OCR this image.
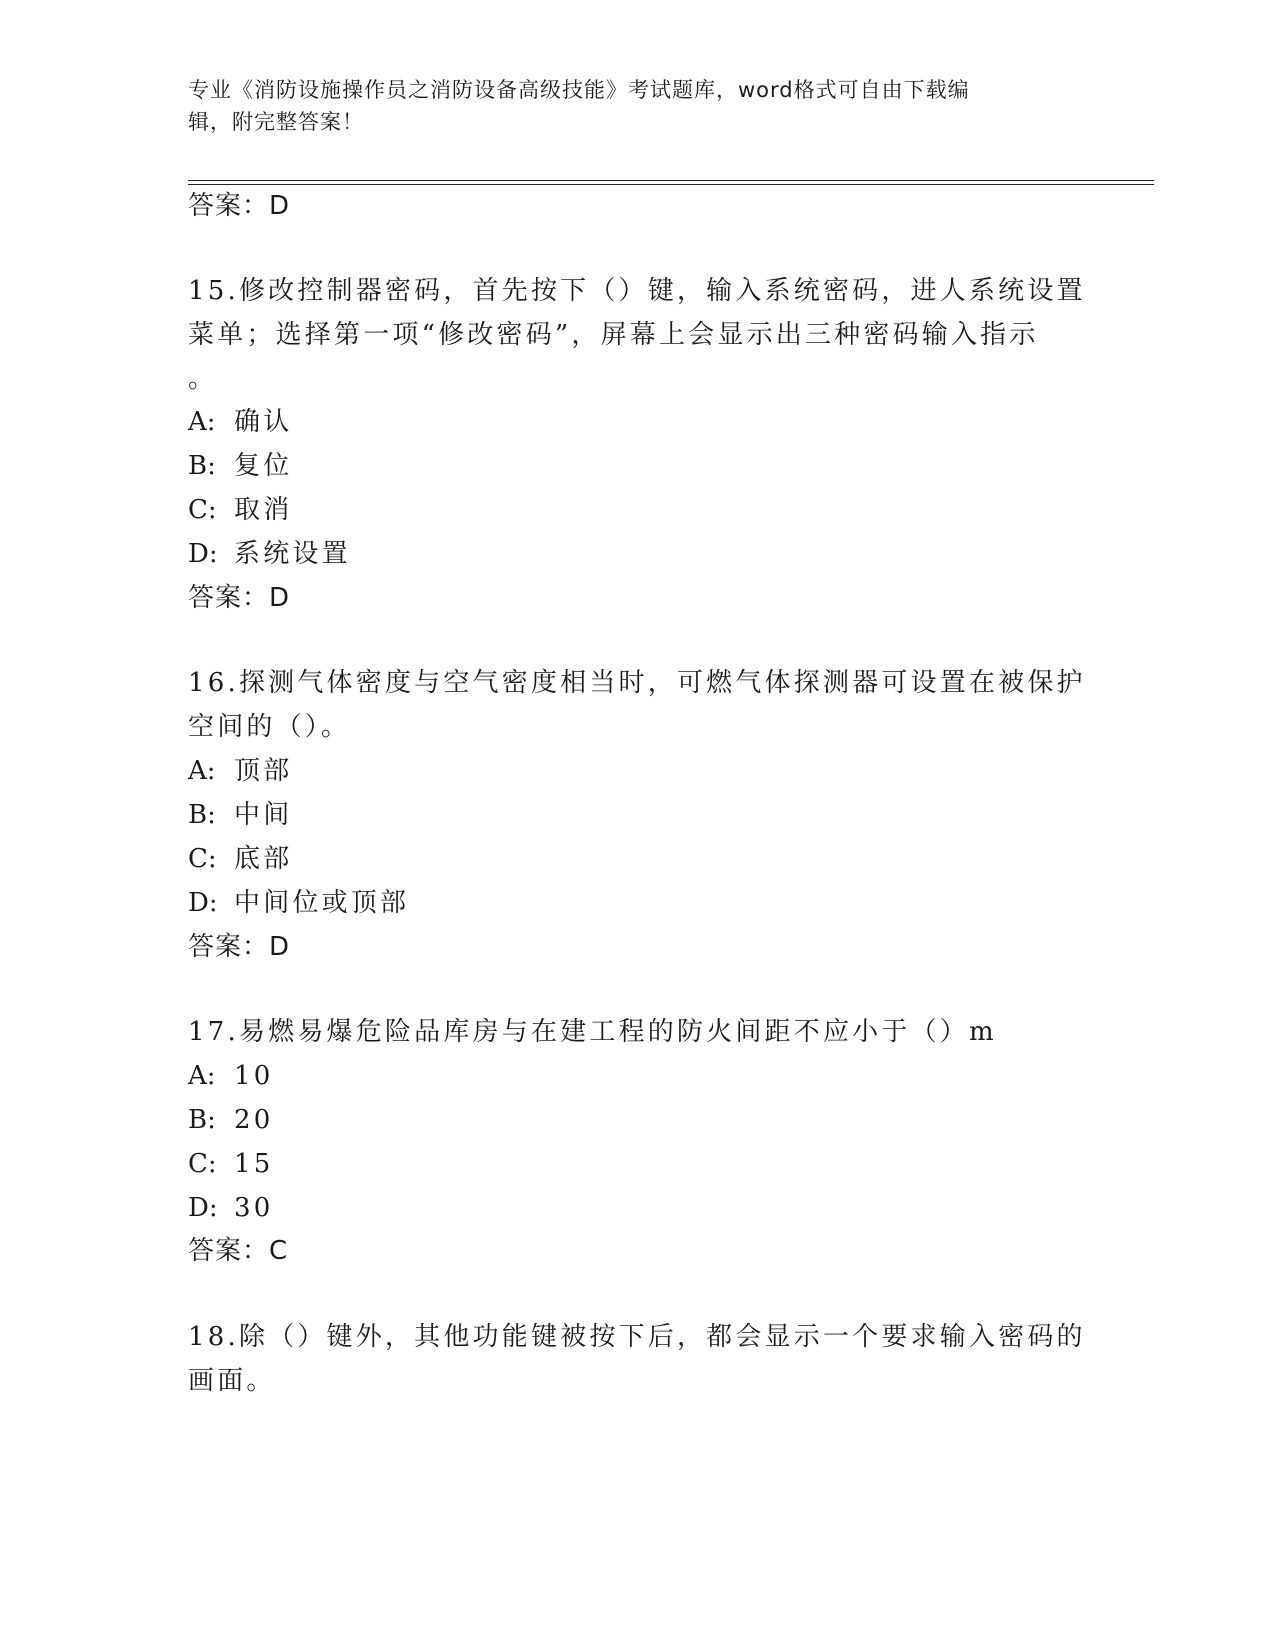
专业《消防设施操作员之消防设备高级技能》考试题库，word格式可自由下载编
辑，附完整答案！
答案：D
15.修改控制器密码，首先按下（）键，输入系统密码，进人系统设置
菜单；选择第一项“修改密码”，屏幕上会显示出三种密码输入指示
。
A: 确认
B: 复位
C: 取消
D: 系统设置
答案：D
16.探测气体密度与空气密度相当时，可燃气体探测器可设置在被保护
空间的（）。
A: 顶部
B: 中间
C: 底部
D: 中间位或顶部
答案：D
17.易燃易爆危险品库房与在建工程的防火间距不应小于（）m
A: 10
B: 20
C: 15
D: 30
答案：C
18.除（）键外，其他功能键被按下后，都会显示一个要求输入密码的
画面。
